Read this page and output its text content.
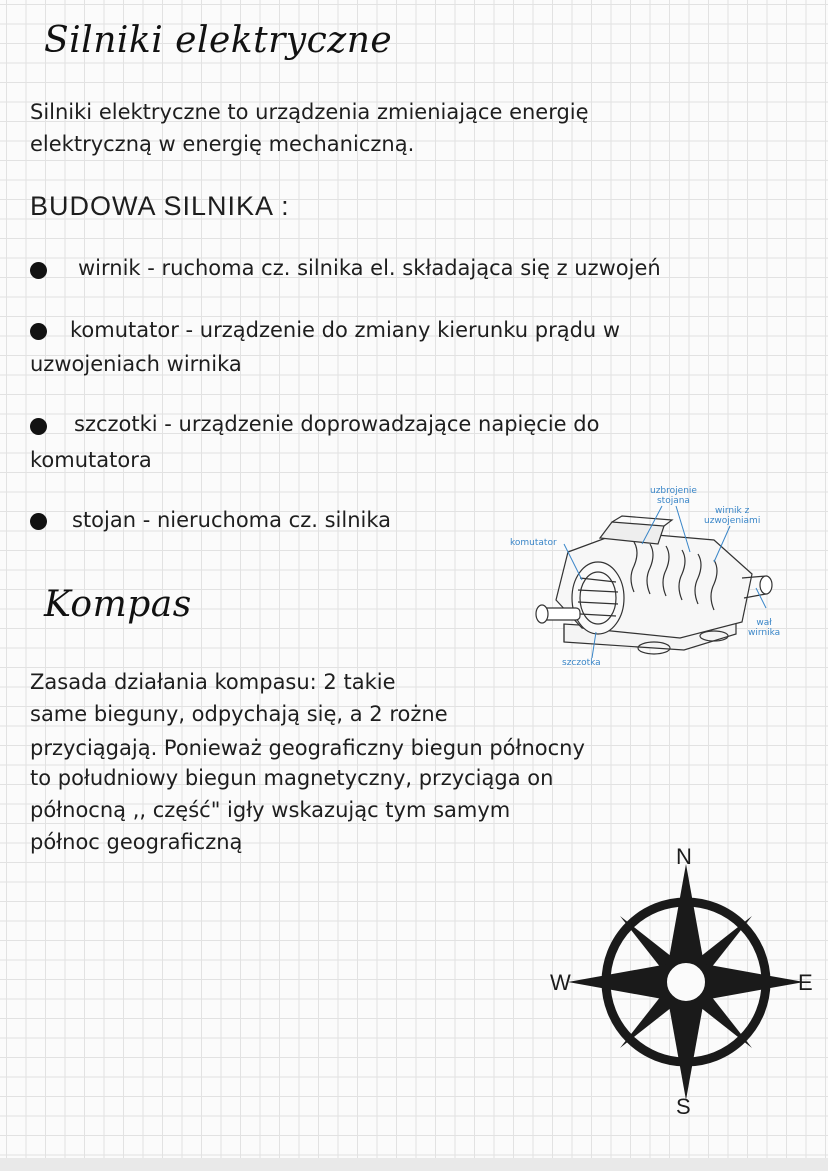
Silniki elektryczne
Silniki elektryczne to urządzenia zmieniające energię
elektryczną w energię mechaniczną.
BUDOWA SILNIKA :
wirnik - ruchoma cz. silnika el. składająca się z uzwojeń
komutator - urządzenie do zmiany kierunku prądu w
uzwojeniach wirnika
szczotki - urządzenie doprowadzające napięcie do
komutatora
stojan - nieruchoma cz. silnika
uzbrojenie
stojana
wirnik z
uzwojeniami
komutator
wał
wirnika
szczotka
Kompas
Zasada działania kompasu: 2 takie
same bieguny, odpychają się, a 2 rożne
przyciągają. Ponieważ geograficzny biegun północny
to południowy biegun magnetyczny, przyciąga on
północną ,, część" igły wskazując tym samym
północ geograficzną
N
S
W	E
